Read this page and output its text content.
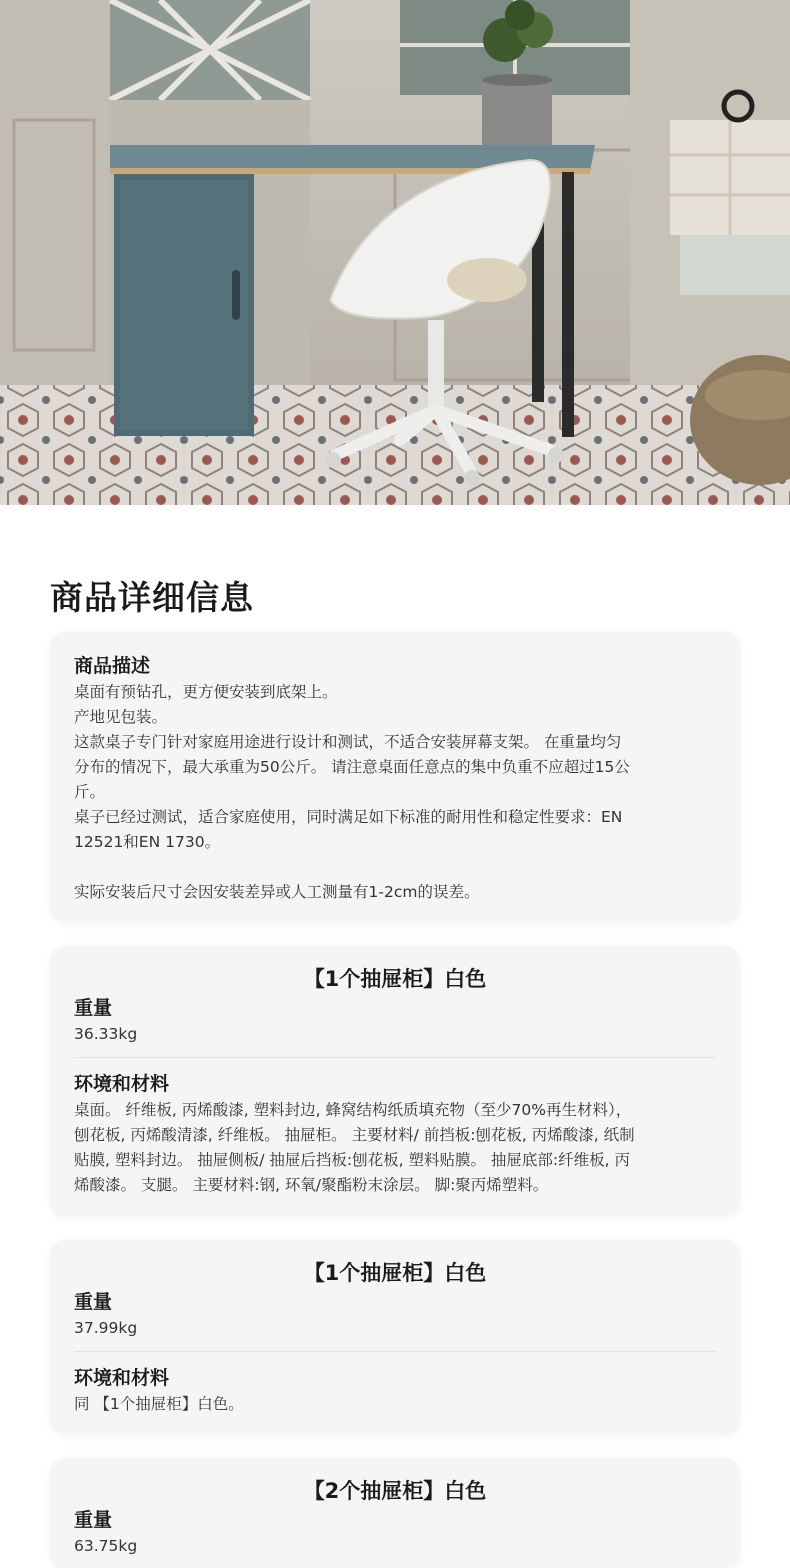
商品详细信息
商品描述
桌面有预钻孔，更方便安装到底架上。
产地见包装。
这款桌子专门针对家庭用途进行设计和测试，不适合安装屏幕支架。 在重量均匀
分布的情况下，最大承重为50公斤。 请注意桌面任意点的集中负重不应超过15公
斤。
桌子已经过测试，适合家庭使用，同时满足如下标准的耐用性和稳定性要求：EN
12521和EN 1730。
实际安装后尺寸会因安装差异或人工测量有1-2cm的误差。
【1个抽屉柜】白色
重量
36.33kg
环境和材料
桌面。 纤维板, 丙烯酸漆, 塑料封边, 蜂窝结构纸质填充物（至少70%再生材料），
刨花板, 丙烯酸清漆, 纤维板。 抽屉柜。 主要材料/ 前挡板:刨花板, 丙烯酸漆, 纸制
贴膜, 塑料封边。 抽屉侧板/ 抽屉后挡板:刨花板, 塑料贴膜。 抽屉底部:纤维板, 丙
烯酸漆。 支腿。 主要材料:钢, 环氧/聚酯粉末涂层。 脚:聚丙烯塑料。
【1个抽屉柜】白色
重量
37.99kg
环境和材料
同 【1个抽屉柜】白色。
【2个抽屉柜】白色
重量
63.75kg
